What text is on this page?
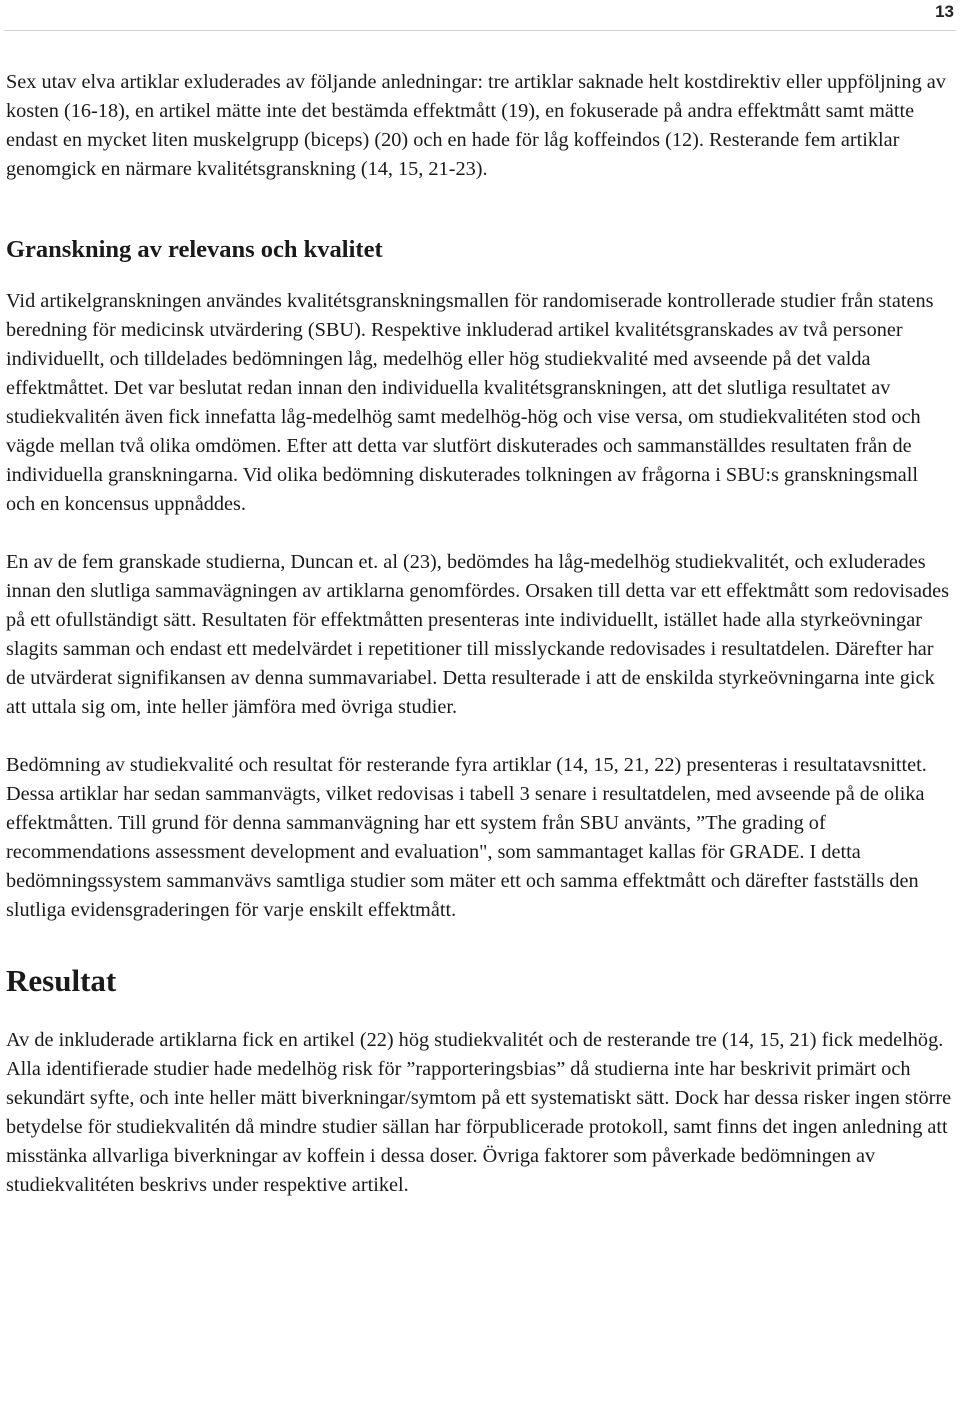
13

Sex utav elva artiklar exluderades av följande anledningar: tre artiklar saknade helt kostdirektiv eller uppföljning av kosten (16-18), en artikel mätte inte det bestämda effektmått (19), en fokuserade på andra effektmått samt mätte endast en mycket liten muskelgrupp (biceps) (20) och en hade för låg koffeindos (12). Resterande fem artiklar genomgick en närmare kvalitétsgranskning (14, 15, 21-23).

Granskning av relevans och kvalitet

Vid artikelgranskningen användes kvalitétsgranskningsmallen för randomiserade kontrollerade studier från statens beredning för medicinsk utvärdering (SBU). Respektive inkluderad artikel kvalitétsgranskades av två personer individuellt, och tilldelades bedömningen låg, medelhög eller hög studiekvalité med avseende på det valda effektmåttet. Det var beslutat redan innan den individuella kvalitétsgranskningen, att det slutliga resultatet av studiekvalitén även fick innefatta låg-medelhög samt medelhög-hög och vise versa, om studiekvalitéten stod och vägde mellan två olika omdömen. Efter att detta var slutfört diskuterades och sammanställdes resultaten från de individuella granskningarna. Vid olika bedömning diskuterades tolkningen av frågorna i SBU:s granskningsmall och en koncensus uppnåddes.

En av de fem granskade studierna, Duncan et. al (23), bedömdes ha låg-medelhög studiekvalitét, och exluderades innan den slutliga sammavägningen av artiklarna genomfördes. Orsaken till detta var ett effektmått som redovisades på ett ofullständigt sätt. Resultaten för effektmåtten presenteras inte individuellt, istället hade alla styrkeövningar slagits samman och endast ett medelvärdet i repetitioner till misslyckande redovisades i resultatdelen. Därefter har de utvärderat signifikansen av denna summavariabel. Detta resulterade i att de enskilda styrkeövningarna inte gick att uttala sig om, inte heller jämföra med övriga studier.

Bedömning av studiekvalité och resultat för resterande fyra artiklar (14, 15, 21, 22) presenteras i resultatavsnittet. Dessa artiklar har sedan sammanvägts, vilket redovisas i tabell 3 senare i resultatdelen, med avseende på de olika effektmåtten. Till grund för denna sammanvägning har ett system från SBU använts, ”The grading of recommendations assessment development and evaluation", som sammantaget kallas för GRADE. I detta bedömningssystem sammanvävs samtliga studier som mäter ett och samma effektmått och därefter fastställs den slutliga evidensgraderingen för varje enskilt effektmått.

Resultat

Av de inkluderade artiklarna fick en artikel (22) hög studiekvalitét och de resterande tre (14, 15, 21) fick medelhög. Alla identifierade studier hade medelhög risk för ”rapporteringsbias” då studierna inte har beskrivit primärt och sekundärt syfte, och inte heller mätt biverkningar/symtom på ett systematiskt sätt. Dock har dessa risker ingen större betydelse för studiekvalitén då mindre studier sällan har förpublicerade protokoll, samt finns det ingen anledning att misstänka allvarliga biverkningar av koffein i dessa doser. Övriga faktorer som påverkade bedömningen av studiekvalitéten beskrivs under respektive artikel.
